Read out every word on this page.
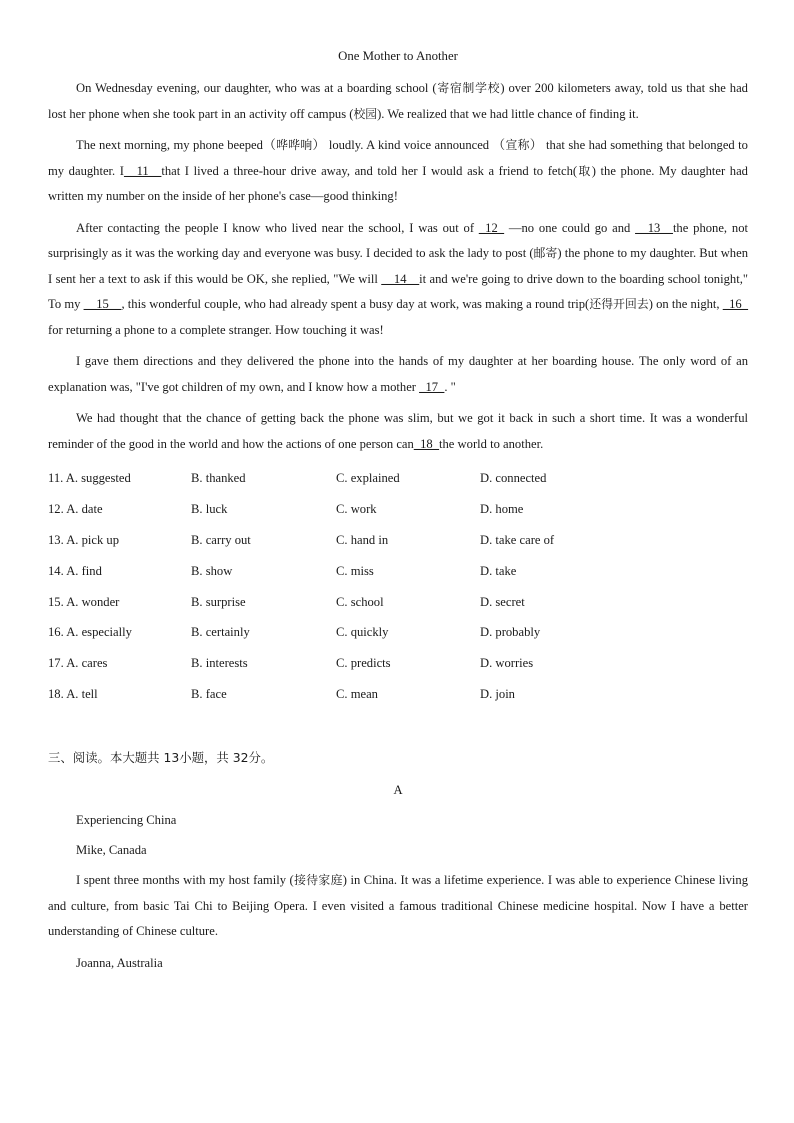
One Mother to Another

On Wednesday evening, our daughter, who was at a boarding school (寄宿制学校) over 200 kilometers away, told us that she had lost her phone when she took part in an activity off campus (校园). We realized that we had little chance of finding it.

The next morning, my phone beeped（哗哗响） loudly. A kind voice announced （宣称） that she had something that belonged to my daughter. I__11__that I lived a three-hour drive away, and told her I would ask a friend to fetch(取) the phone. My daughter had written my number on the inside of her phone's case—good thinking!

After contacting the people I know who lived near the school, I was out of _12_ —no one could go and __13__the phone, not surprisingly as it was the working day and everyone was busy. I decided to ask the lady to post (邮寄) the phone to my daughter. But when I sent her a text to ask if this would be OK, she replied, "We will __14__it and we're going to drive down to the boarding school tonight," To my __15__, this wonderful couple, who had already spent a busy day at work, was making a round trip(还得开回去) on the night, _16_ for returning a phone to a complete stranger. How touching it was!

I gave them directions and they delivered the phone into the hands of my daughter at her boarding house. The only word of an explanation was, "I've got children of my own, and I know how a mother _17_. "

We had thought that the chance of getting back the phone was slim, but we got it back in such a short time. It was a wonderful reminder of the good in the world and how the actions of one person can_18_the world to another.

11. A. suggested	B. thanked	C. explained	D. connected
12. A. date	B. luck	C. work	D. home
13. A. pick up	B. carry out	C. hand in	D. take care of
14. A. find	B. show	C. miss	D. take
15. A. wonder	B. surprise	C. school	D. secret
16. A. especially	B. certainly	C. quickly	D. probably
17. A. cares	B. interests	C. predicts	D. worries
18. A. tell	B. face	C. mean	D. join
三、阅读。本大题共 13小题，共 32分。
A
Experiencing China
Mike, Canada

I spent three months with my host family (接待家庭) in China. It was a lifetime experience. I was able to experience Chinese living and culture, from basic Tai Chi to Beijing Opera. I even visited a famous traditional Chinese medicine hospital. Now I have a better understanding of Chinese culture.

Joanna, Australia
